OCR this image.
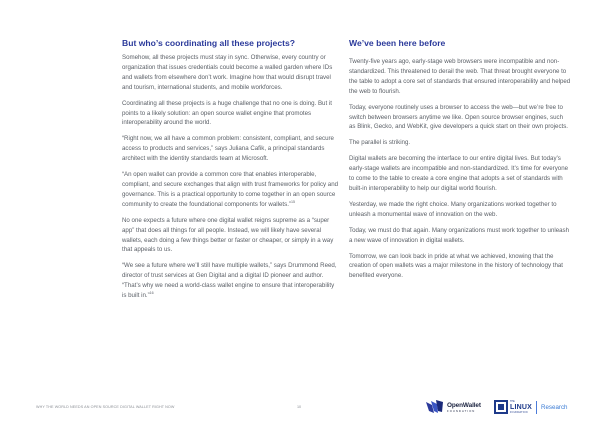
But who’s coordinating all these projects?

Somehow, all these projects must stay in sync. Otherwise, every country or organization that issues credentials could become a walled garden where IDs and wallets from elsewhere don’t work. Imagine how that would disrupt travel and tourism, international students, and mobile workforces.

Coordinating all these projects is a huge challenge that no one is doing. But it points to a likely solution: an open source wallet engine that promotes interoperability around the world.

“Right now, we all have a common problem: consistent, compliant, and secure access to products and services,” says Juliana Cafik, a principal standards architect with the identity standards team at Microsoft.

“An open wallet can provide a common core that enables interoperable, compliant, and secure exchanges that align with trust frameworks for policy and governance. This is a practical opportunity to come together in an open source community to create the foundational components for wallets.”$^{15}$

No one expects a future where one digital wallet reigns supreme as a “super app” that does all things for all people. Instead, we will likely have several wallets, each doing a few things better or faster or cheaper, or simply in a way that appeals to us.

“We see a future where we’ll still have multiple wallets,” says Drummond Reed, director of trust services at Gen Digital and a digital ID pioneer and author. “That’s why we need a world-class wallet engine to ensure that interoperability is built in.”$^{16}$

We’ve been here before

Twenty-five years ago, early-stage web browsers were incompatible and non-standardized. This threatened to derail the web. That threat brought everyone to the table to adopt a core set of standards that ensured interoperability and helped the web to flourish.

Today, everyone routinely uses a browser to access the web—but we’re free to switch between browsers anytime we like. Open source browser engines, such as Blink, Gecko, and WebKit, give developers a quick start on their own projects.

The parallel is striking.

Digital wallets are becoming the interface to our entire digital lives. But today’s early-stage wallets are incompatible and non-standardized. It’s time for everyone to come to the table to create a core engine that adopts a set of standards with built-in interoperability to help our digital world flourish.

Yesterday, we made the right choice. Many organizations worked together to unleash a monumental wave of innovation on the web.

Today, we must do that again. Many organizations must work together to unleash a new wave of innovation in digital wallets.

Tomorrow, we can look back in pride at what we achieved, knowing that the creation of open wallets was a major milestone in the history of technology that benefited everyone.

WHY THE WORLD NEEDS AN OPEN SOURCE DIGITAL WALLET RIGHT NOW	10	OpenWallet
FOUNDATION
THE
LINUX
FOUNDATION
Research
